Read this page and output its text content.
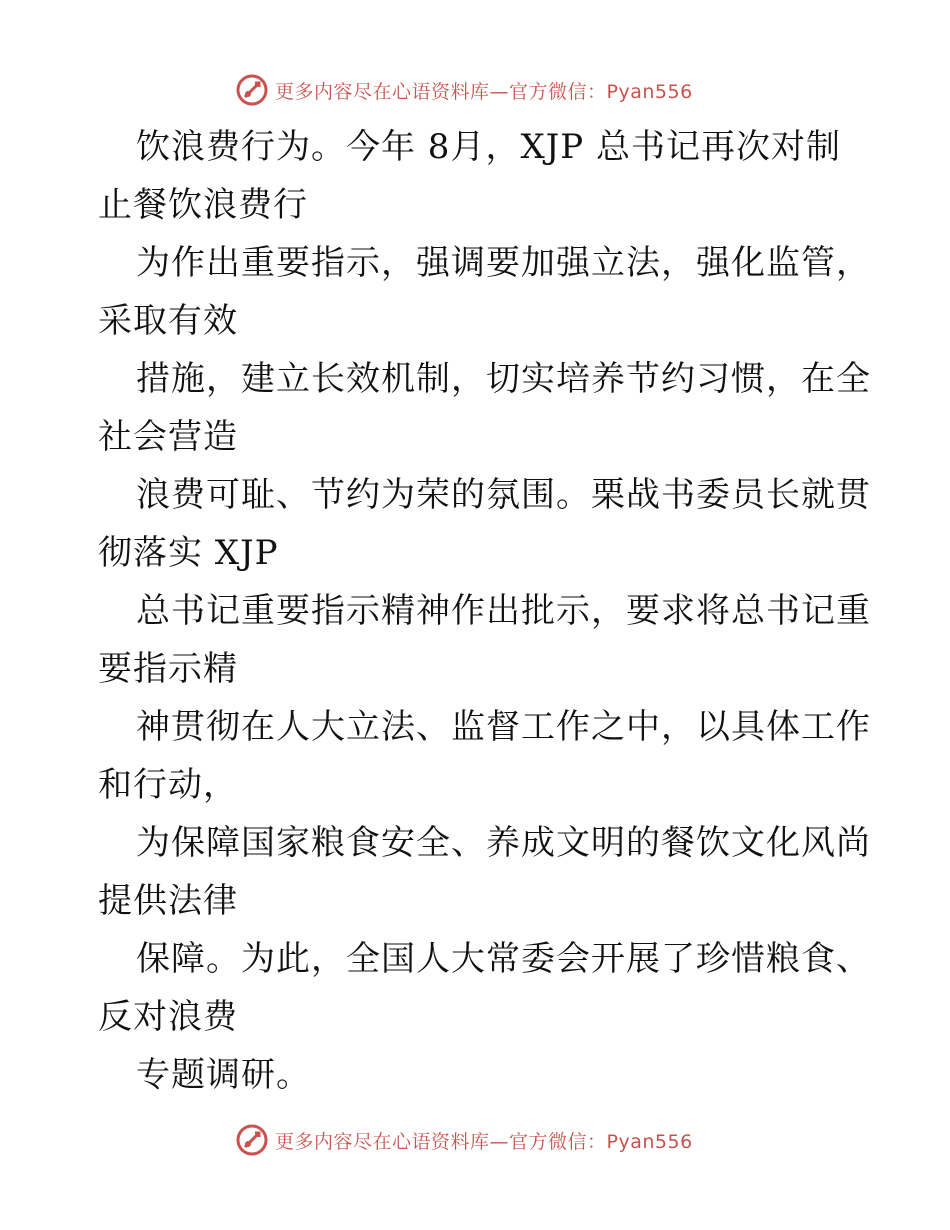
更多内容尽在心语资料库—官方微信：Pyan556
饮浪费行为。今年 8月，XJP 总书记再次对制
止餐饮浪费行
为作出重要指示，强调要加强立法，强化监管，
采取有效
措施，建立长效机制，切实培养节约习惯，在全
社会营造
浪费可耻、节约为荣的氛围。栗战书委员长就贯
彻落实 XJP
总书记重要指示精神作出批示，要求将总书记重
要指示精
神贯彻在人大立法、监督工作之中，以具体工作
和行动，
为保障国家粮食安全、养成文明的餐饮文化风尚
提供法律
保障。为此，全国人大常委会开展了珍惜粮食、
反对浪费
专题调研。
更多内容尽在心语资料库—官方微信：Pyan556
